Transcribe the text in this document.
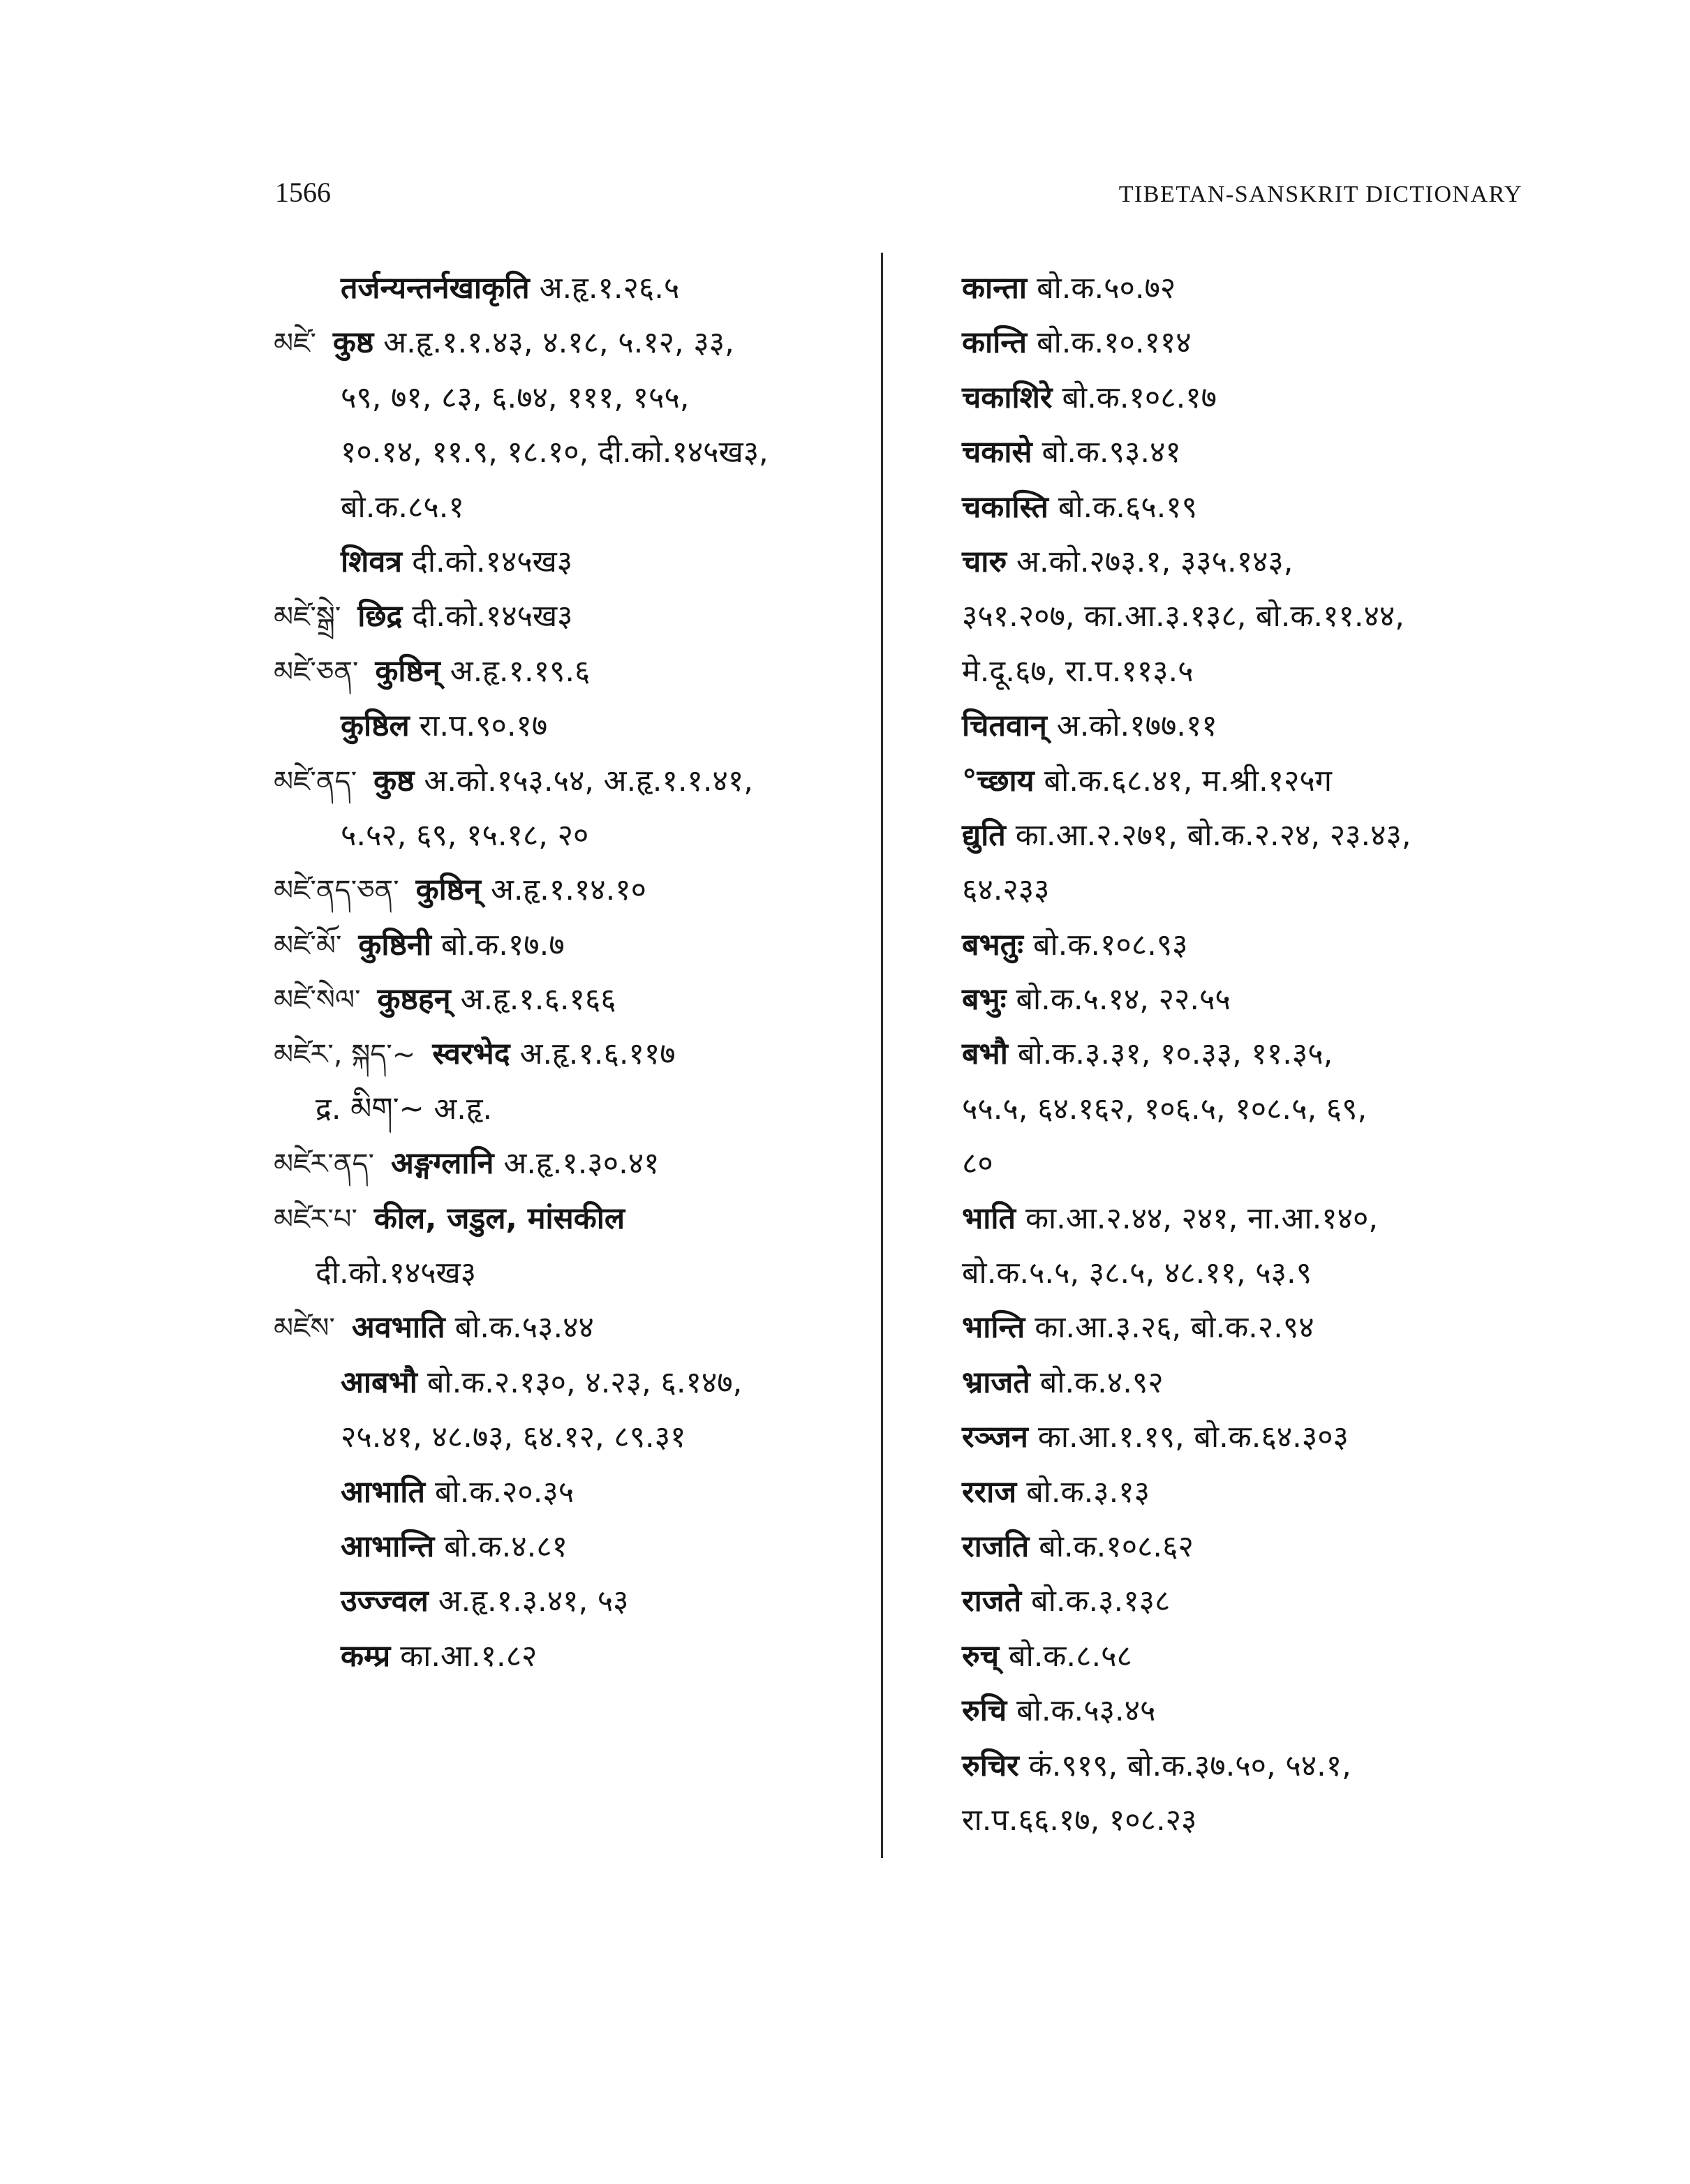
1566	TIBETAN-SANSKRIT DICTIONARY
तर्जन्यन्तर्नखाकृति अ.हृ.१.२६.५
མཛེ་ कुष्ठ अ.हृ.१.१.४३, ४.१८, ५.१२, ३३,
५९, ७१, ८३, ६.७४, १११, १५५,
१०.१४, ११.९, १८.१०, दी.को.१४५ख३,
बो.क.८५.१
शिवत्र दी.को.१४५ख३
མཛེ་སྒྲེ་ छिद्र दी.को.१४५ख३
མཛེ་ཅན་ कुष्ठिन् अ.हृ.१.१९.६
कुष्ठिल रा.प.९०.१७
མཛེ་ནད་ कुष्ठ अ.को.१५३.५४, अ.हृ.१.१.४१,
५.५२, ६९, १५.१८, २०
མཛེ་ནད་ཅན་ कुष्ठिन् अ.हृ.१.१४.१०
མཛེ་མོ་ कुष्ठिनी बो.क.१७.७
མཛེ་སེལ་ कुष्ठहन् अ.हृ.१.६.१६६
མཛེར་, སྐད་~ स्वरभेद अ.हृ.१.६.११७
द्र. མིག་~ अ.हृ.
མཛེར་ནད་ अङ्गग्लानि अ.हृ.१.३०.४१
མཛེར་པ་ कील, जडुल, मांसकील
दी.को.१४५ख३
མཛེས་ अवभाति बो.क.५३.४४
आबभौ बो.क.२.१३०, ४.२३, ६.१४७,
२५.४१, ४८.७३, ६४.१२, ८९.३१
आभाति बो.क.२०.३५
आभान्ति बो.क.४.८१
उज्ज्वल अ.हृ.१.३.४१, ५३
कम्प्र का.आ.१.८२
कान्ता बो.क.५०.७२
कान्ति बो.क.१०.११४
चकाशिरे बो.क.१०८.१७
चकासे बो.क.९३.४१
चकास्ति बो.क.६५.१९
चारु अ.को.२७३.१, ३३५.१४३,
३५१.२०७, का.आ.३.१३८, बो.क.११.४४,
मे.दू.६७, रा.प.११३.५
चितवान् अ.को.१७७.११
°च्छाय बो.क.६८.४१, म.श्री.१२५ग
द्युति का.आ.२.२७१, बो.क.२.२४, २३.४३,
६४.२३३
बभतुः बो.क.१०८.९३
बभुः बो.क.५.१४, २२.५५
बभौ बो.क.३.३१, १०.३३, ११.३५,
५५.५, ६४.१६२, १०६.५, १०८.५, ६९,
८०
भाति का.आ.२.४४, २४१, ना.आ.१४०,
बो.क.५.५, ३८.५, ४८.११, ५३.९
भान्ति का.आ.३.२६, बो.क.२.९४
भ्राजते बो.क.४.९२
रञ्जन का.आ.१.१९, बो.क.६४.३०३
रराज बो.क.३.१३
राजति बो.क.१०८.६२
राजते बो.क.३.१३८
रुच् बो.क.८.५८
रुचि बो.क.५३.४५
रुचिर कं.९१९, बो.क.३७.५०, ५४.१,
रा.प.६६.१७, १०८.२३
